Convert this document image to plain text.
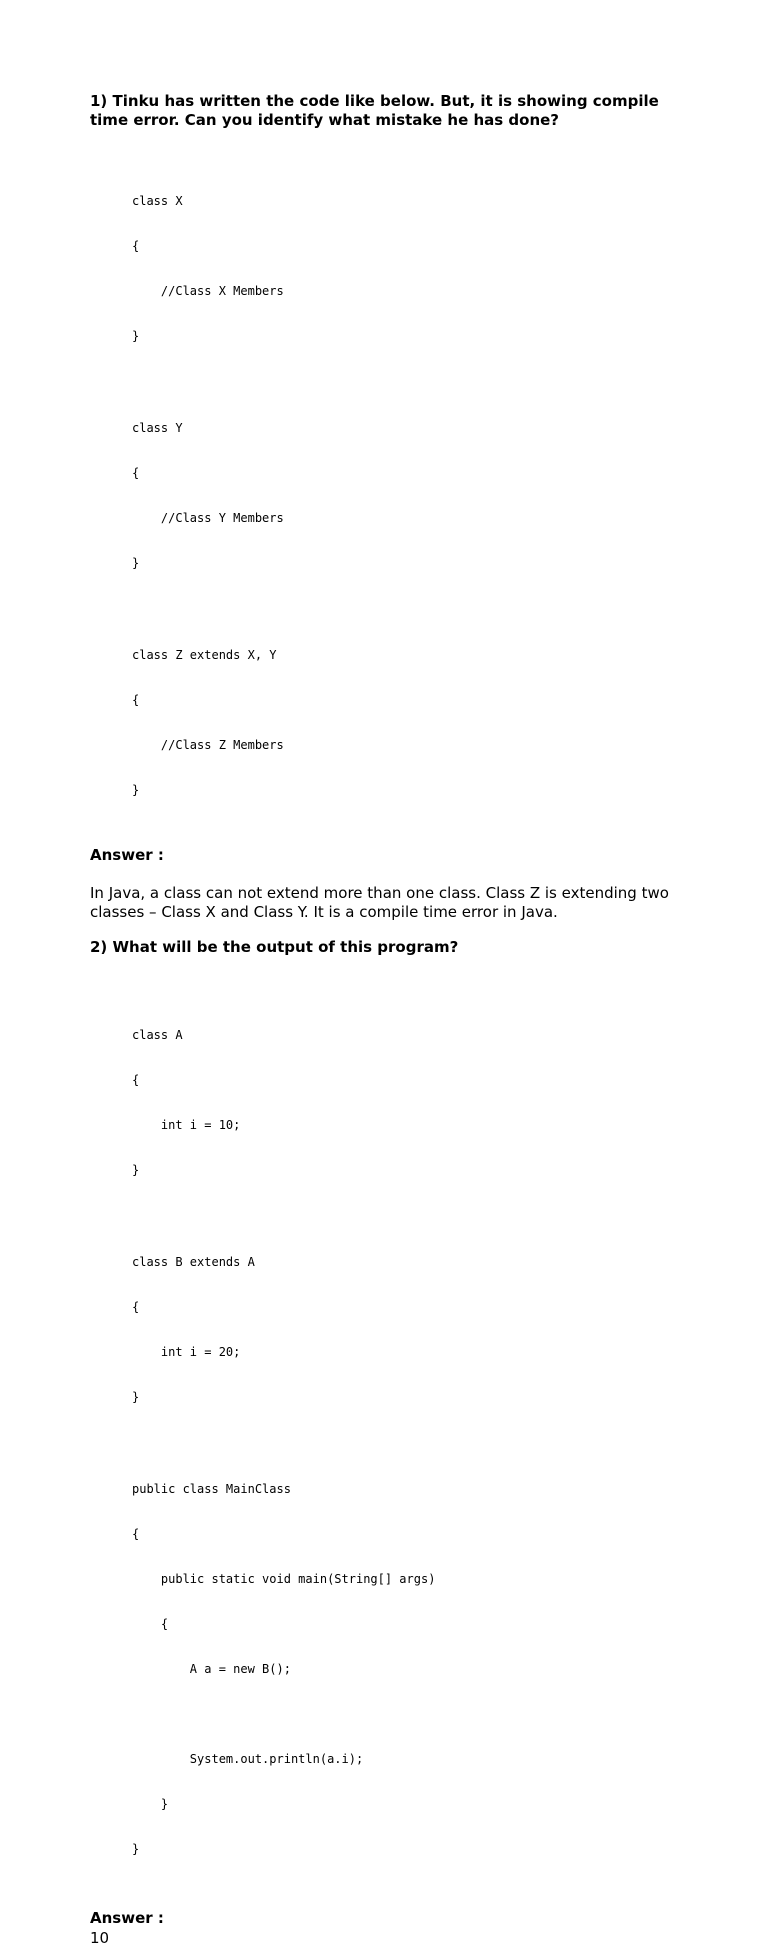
1) Tinku has written the code like below. But, it is showing compile time error. Can you identify what mistake he has done?

class X

{

//Class X Members

}

class Y

{

//Class Y Members

}

class Z extends X, Y

{

//Class Z Members

}

Answer :

In Java, a class can not extend more than one class. Class Z is extending two classes – Class X and Class Y. It is a compile time error in Java.

2) What will be the output of this program?

class A

{

int i = 10;

}

class B extends A

{

int i = 20;

}

public class MainClass

{

public static void main(String[] args)

{

A a = new B();

System.out.println(a.i);

}

}

Answer :

10
